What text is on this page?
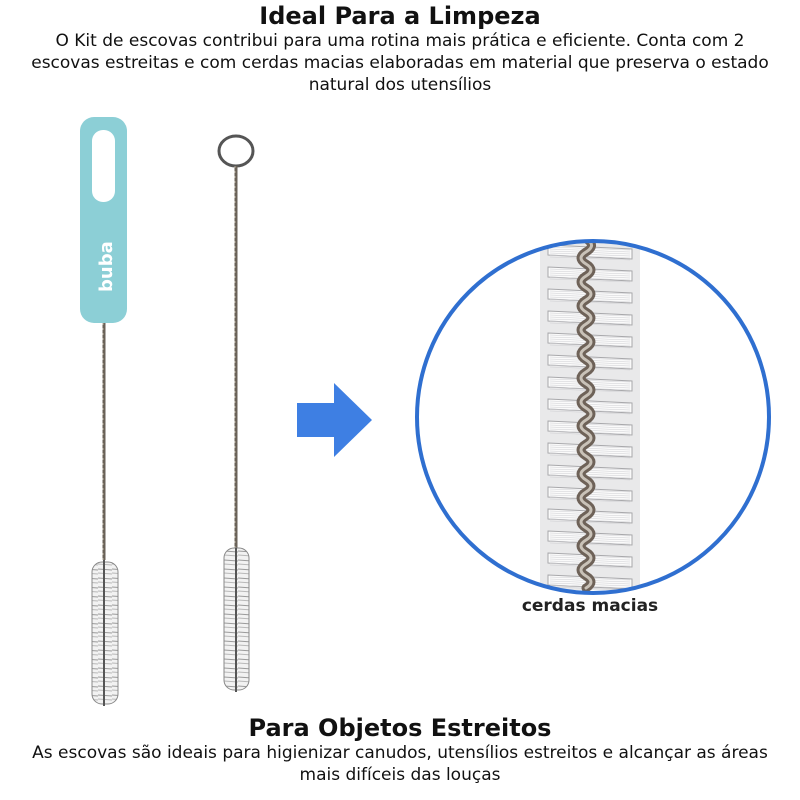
Ideal Para a Limpeza
O Kit de escovas contribui para uma rotina mais prática e eficiente. Conta com 2 escovas estreitas e com cerdas macias elaboradas em material que preserva o estado natural dos utensílios
buba
cerdas macias
Para Objetos Estreitos
As escovas são ideais para higienizar canudos, utensílios estreitos e alcançar as áreas mais difíceis das louças
